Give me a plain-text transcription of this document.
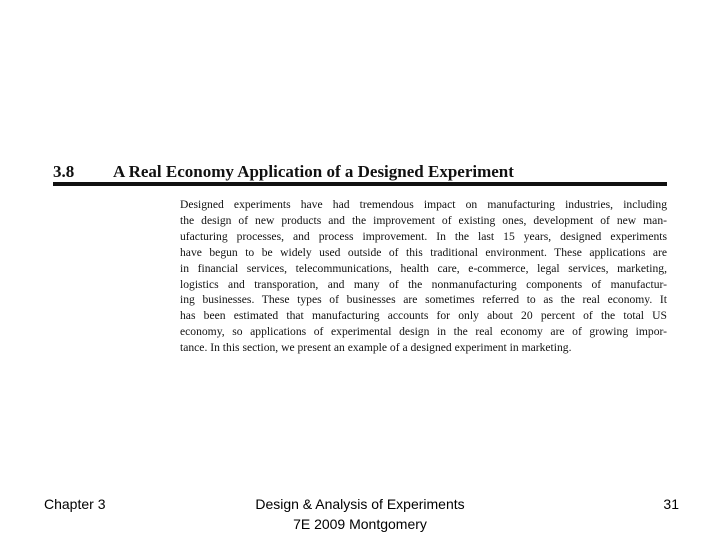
3.8 A Real Economy Application of a Designed Experiment
Designed experiments have had tremendous impact on manufacturing industries, including
the design of new products and the improvement of existing ones, development of new man-
ufacturing processes, and process improvement. In the last 15 years, designed experiments
have begun to be widely used outside of this traditional environment. These applications are
in financial services, telecommunications, health care, e-commerce, legal services, marketing,
logistics and transporation, and many of the nonmanufacturing components of manufactur-
ing businesses. These types of businesses are sometimes referred to as the real economy. It
has been estimated that manufacturing accounts for only about 20 percent of the total US
economy, so applications of experimental design in the real economy are of growing impor-
tance. In this section, we present an example of a designed experiment in marketing.
Chapter 3	Design & Analysis of Experiments
7E 2009 Montgomery
31
